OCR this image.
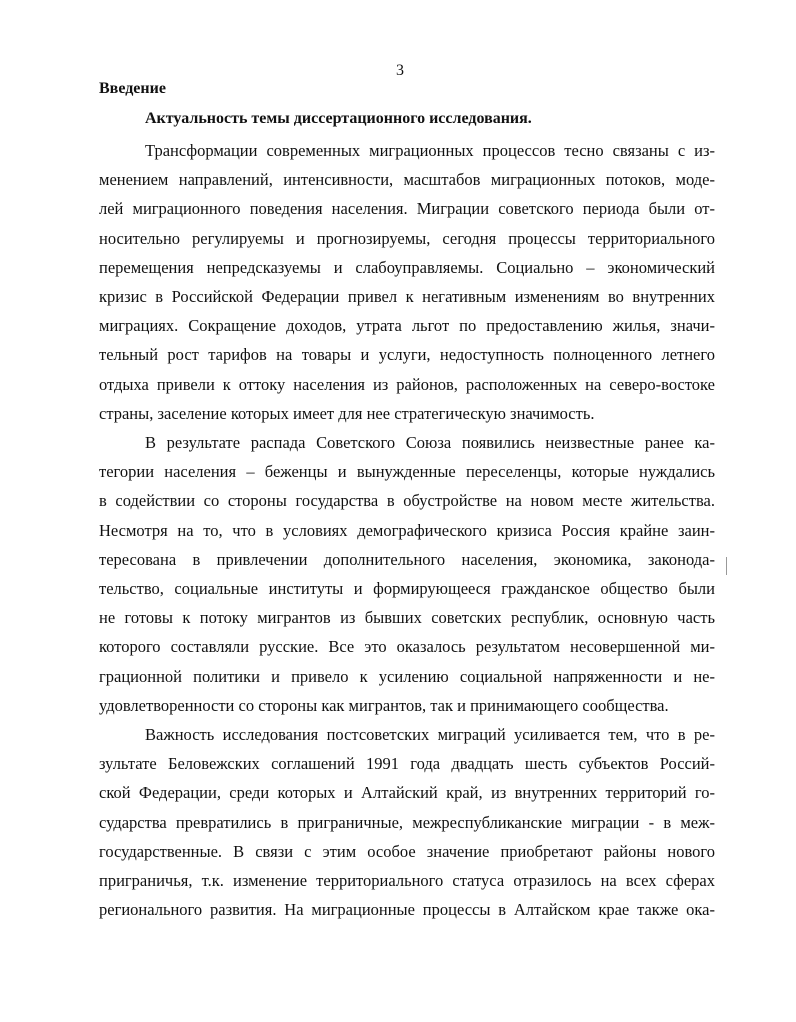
3
Введение
Актуальность темы диссертационного исследования.

Трансформации современных миграционных процессов тесно связаны с из-
менением направлений, интенсивности, масштабов миграционных потоков, моде-
лей миграционного поведения населения. Миграции советского периода были от-
носительно регулируемы и прогнозируемы, сегодня процессы территориального
перемещения непредсказуемы и слабоуправляемы. Социально – экономический
кризис в Российской Федерации привел к негативным изменениям во внутренних
миграциях. Сокращение доходов, утрата льгот по предоставлению жилья, значи-
тельный рост тарифов на товары и услуги, недоступность полноценного летнего
отдыха привели к оттоку населения из районов, расположенных на северо-востоке
страны, заселение которых имеет для нее стратегическую значимость.

В результате распада Советского Союза появились неизвестные ранее ка-
тегории населения – беженцы и вынужденные переселенцы, которые нуждались
в содействии со стороны государства в обустройстве на новом месте жительства.
Несмотря на то, что в условиях демографического кризиса Россия крайне заин-
тересована в привлечении дополнительного населения, экономика, законода-
тельство, социальные институты и формирующееся гражданское общество были
не готовы к потоку мигрантов из бывших советских республик, основную часть
которого составляли русские. Все это оказалось результатом несовершенной ми-
грационной политики и привело к усилению социальной напряженности и не-
удовлетворенности со стороны как мигрантов, так и принимающего сообщества.

Важность исследования постсоветских миграций усиливается тем, что в ре-
зультате Беловежских соглашений 1991 года двадцать шесть субъектов Россий-
ской Федерации, среди которых и Алтайский край, из внутренних территорий го-
сударства превратились в приграничные, межреспубликанские миграции - в меж-
государственные. В связи с этим особое значение приобретают районы нового
приграничья, т.к. изменение территориального статуса отразилось на всех сферах
регионального развития. На миграционные процессы в Алтайском крае также ока-
